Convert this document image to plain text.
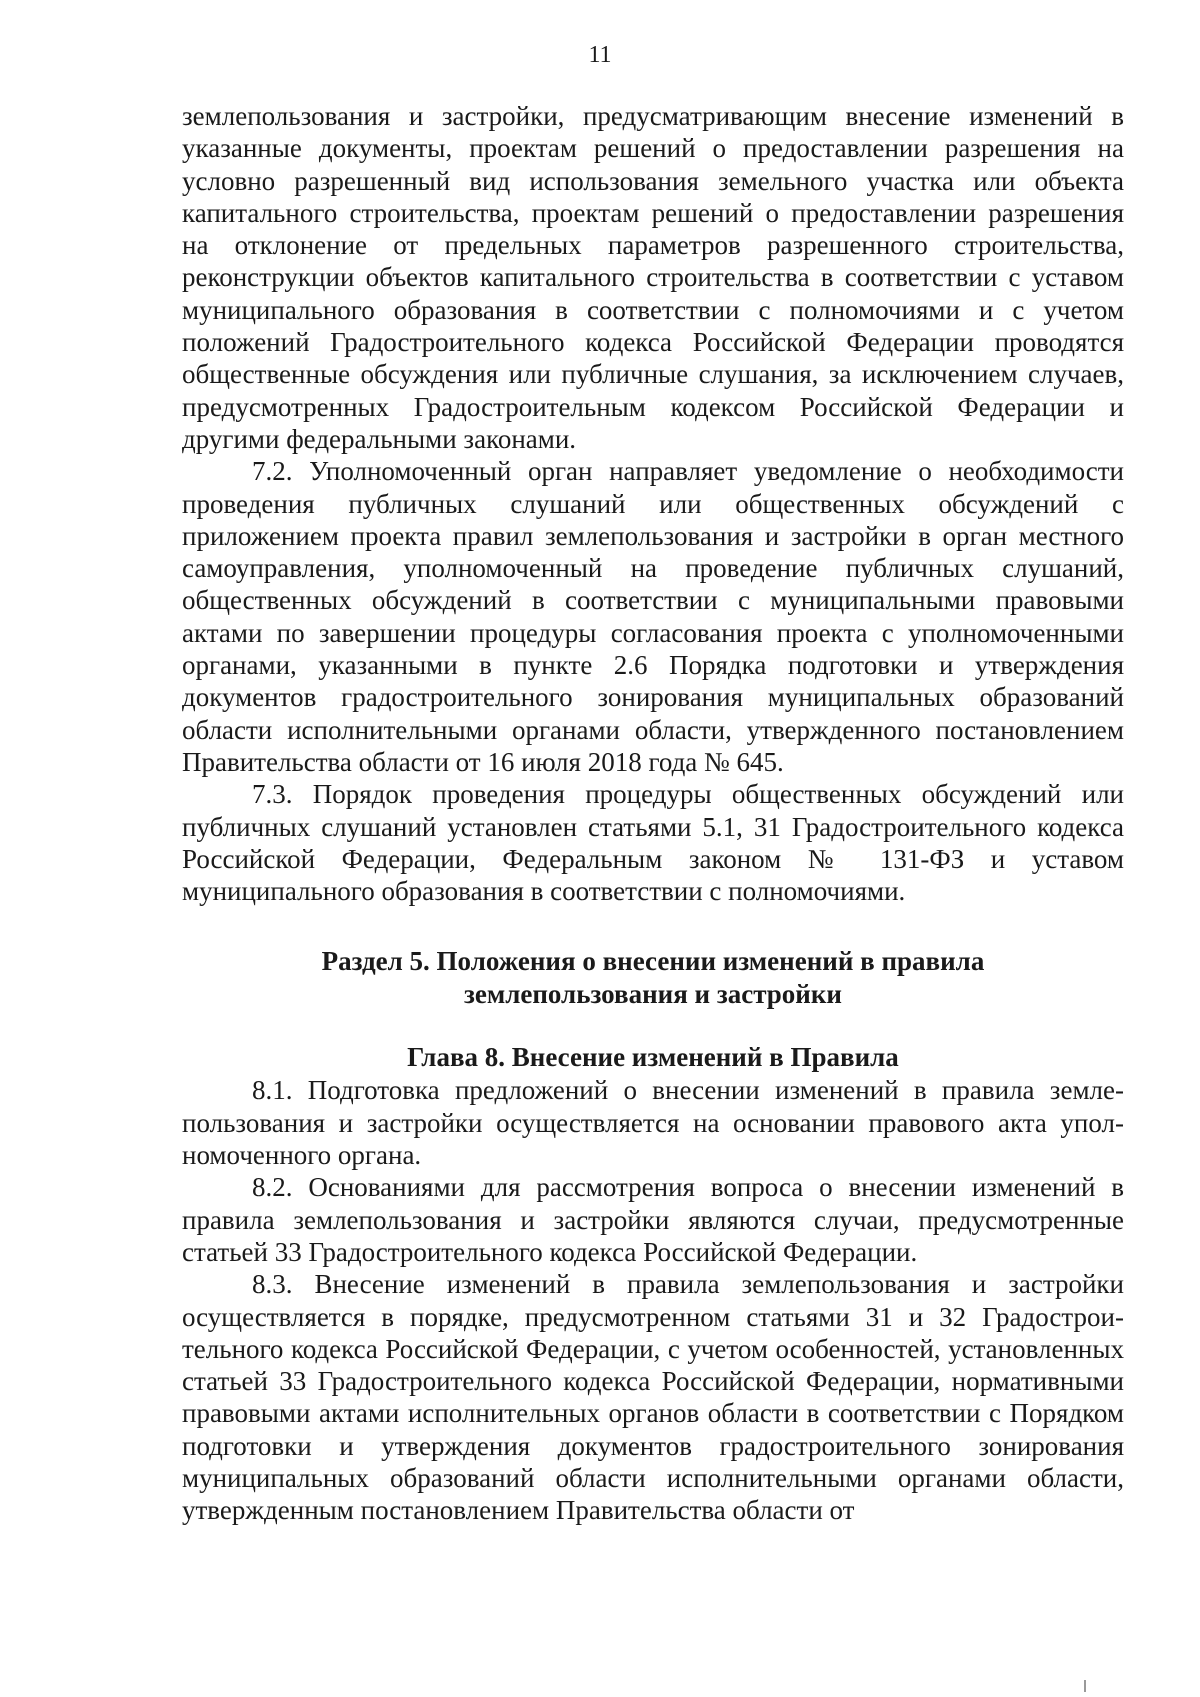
11

землепользования и застройки, предусматривающим внесение изменений в указанные документы, проектам решений о предоставлении разрешения на условно разрешенный вид использования земельного участка или объекта капитального строительства, проектам решений о предоставлении разрешения на отклонение от предельных параметров разрешенного строительства, реконструкции объектов капитального строительства в соответствии с уставом муниципального образования в соответствии с полномочиями и с учетом положений Градостроительного кодекса Российской Федерации проводятся общественные обсуждения или публичные слушания, за исключением случаев, предусмотренных Градостроительным кодексом Российской Федерации и другими федеральными законами.

7.2. Уполномоченный орган направляет уведомление о необходимости проведения публичных слушаний или общественных обсуждений с приложением проекта правил землепользования и застройки в орган местного самоуправления, уполномоченный на проведение публичных слушаний, общественных обсуждений в соответствии с муниципальными правовыми актами по завершении процедуры согласования проекта с уполномоченными органами, указанными в пункте 2.6 Порядка подготовки и утверждения документов градостроительного зонирования муниципальных образований области исполнительными органами области, утвержденного постановлением Правительства области от 16 июля 2018 года № 645.

7.3. Порядок проведения процедуры общественных обсуждений или публичных слушаний установлен статьями 5.1, 31 Градостроительного кодекса Российской Федерации, Федеральным законом № 131-ФЗ и уставом муниципального образования в соответствии с полномочиями.

Раздел 5. Положения о внесении изменений в правила
землепользования и застройки

Глава 8. Внесение изменений в Правила

8.1. Подготовка предложений о внесении изменений в правила землепользования и застройки осуществляется на основании правового акта уполномоченного органа.

8.2. Основаниями для рассмотрения вопроса о внесении изменений в правила землепользования и застройки являются случаи, предусмотренные статьей 33 Градостроительного кодекса Российской Федерации.

8.3. Внесение изменений в правила землепользования и застройки осуществляется в порядке, предусмотренном статьями 31 и 32 Градостроительного кодекса Российской Федерации, с учетом особенностей, установленных статьей 33 Градостроительного кодекса Российской Федерации, нормативными правовыми актами исполнительных органов области в соответствии с Порядком подготовки и утверждения документов градостроительного зонирования муниципальных образований области исполнительными органами области, утвержденным постановлением Правительства области от
